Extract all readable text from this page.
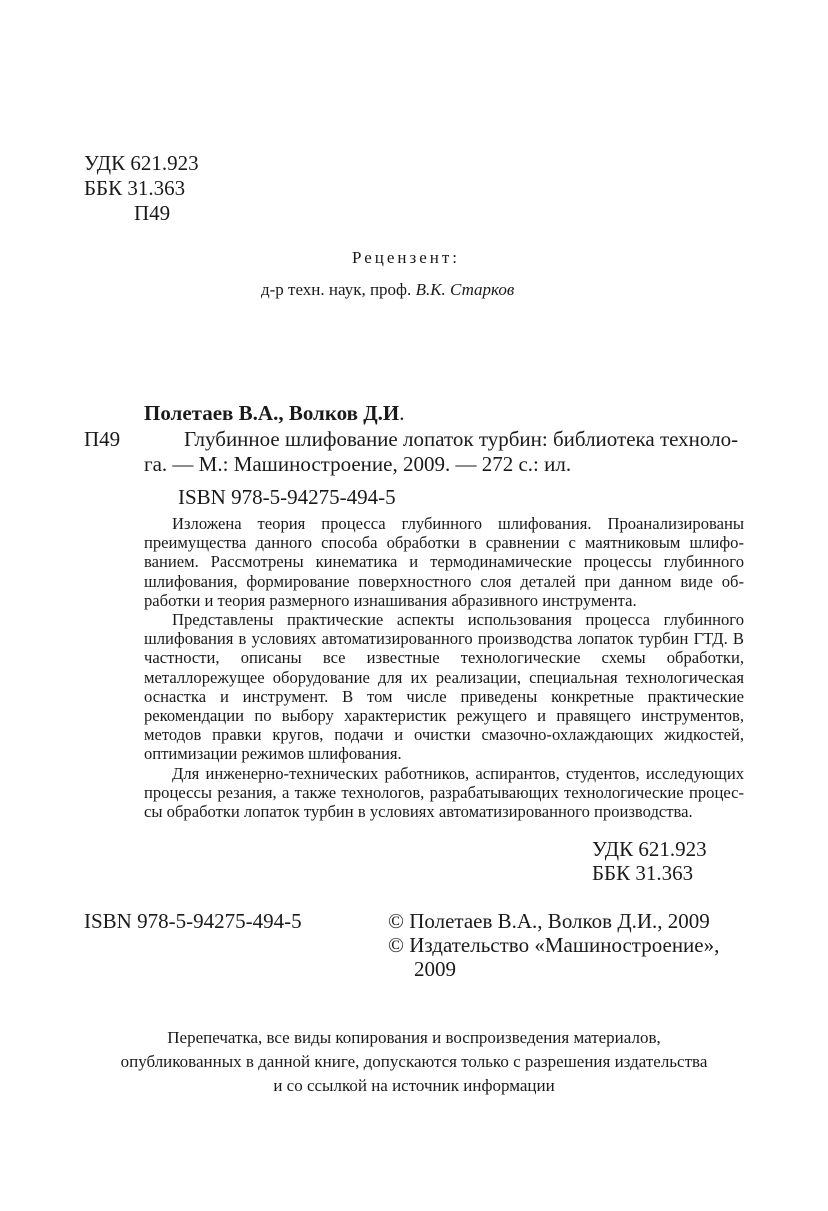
УДК 621.923
ББК 31.363
П49
Рецензент:
д-р техн. наук, проф. В.К. Старков
Полетаев В.А., Волков Д.И.
П49	Глубинное шлифование лопаток турбин: библиотека техноло-
га. — М.: Машиностроение, 2009. — 272 с.: ил.
ISBN 978-5-94275-494-5
Изложена теория процесса глубинного шлифования. Проанализированы преимущества данного способа обработки в сравнении с маятниковым шлифованием. Рассмотрены кинематика и термодинамические процессы глубинного шлифования, формирование поверхностного слоя деталей при данном виде обработки и теория размерного изнашивания абразивного инструмента.
Представлены практические аспекты использования процесса глубинного шлифования в условиях автоматизированного производства лопаток турбин ГТД. В частности, описаны все известные технологические схемы обработки, металлорежущее оборудование для их реализации, специальная технологическая оснастка и инструмент. В том числе приведены конкретные практические рекомендации по выбору характеристик режущего и правящего инструментов, методов правки кругов, подачи и очистки смазочно-охлаждающих жидкостей, оптимизации режимов шлифования.
Для инженерно-технических работников, аспирантов, студентов, исследующих процессы резания, а также технологов, разрабатывающих технологические процессы обработки лопаток турбин в условиях автоматизированного производства.
УДК 621.923
ББК 31.363
ISBN 978-5-94275-494-5	© Полетаев В.А., Волков Д.И., 2009
© Издательство «Машиностроение»,
2009
Перепечатка, все виды копирования и воспроизведения материалов,
опубликованных в данной книге, допускаются только с разрешения издательства
и со ссылкой на источник информации
